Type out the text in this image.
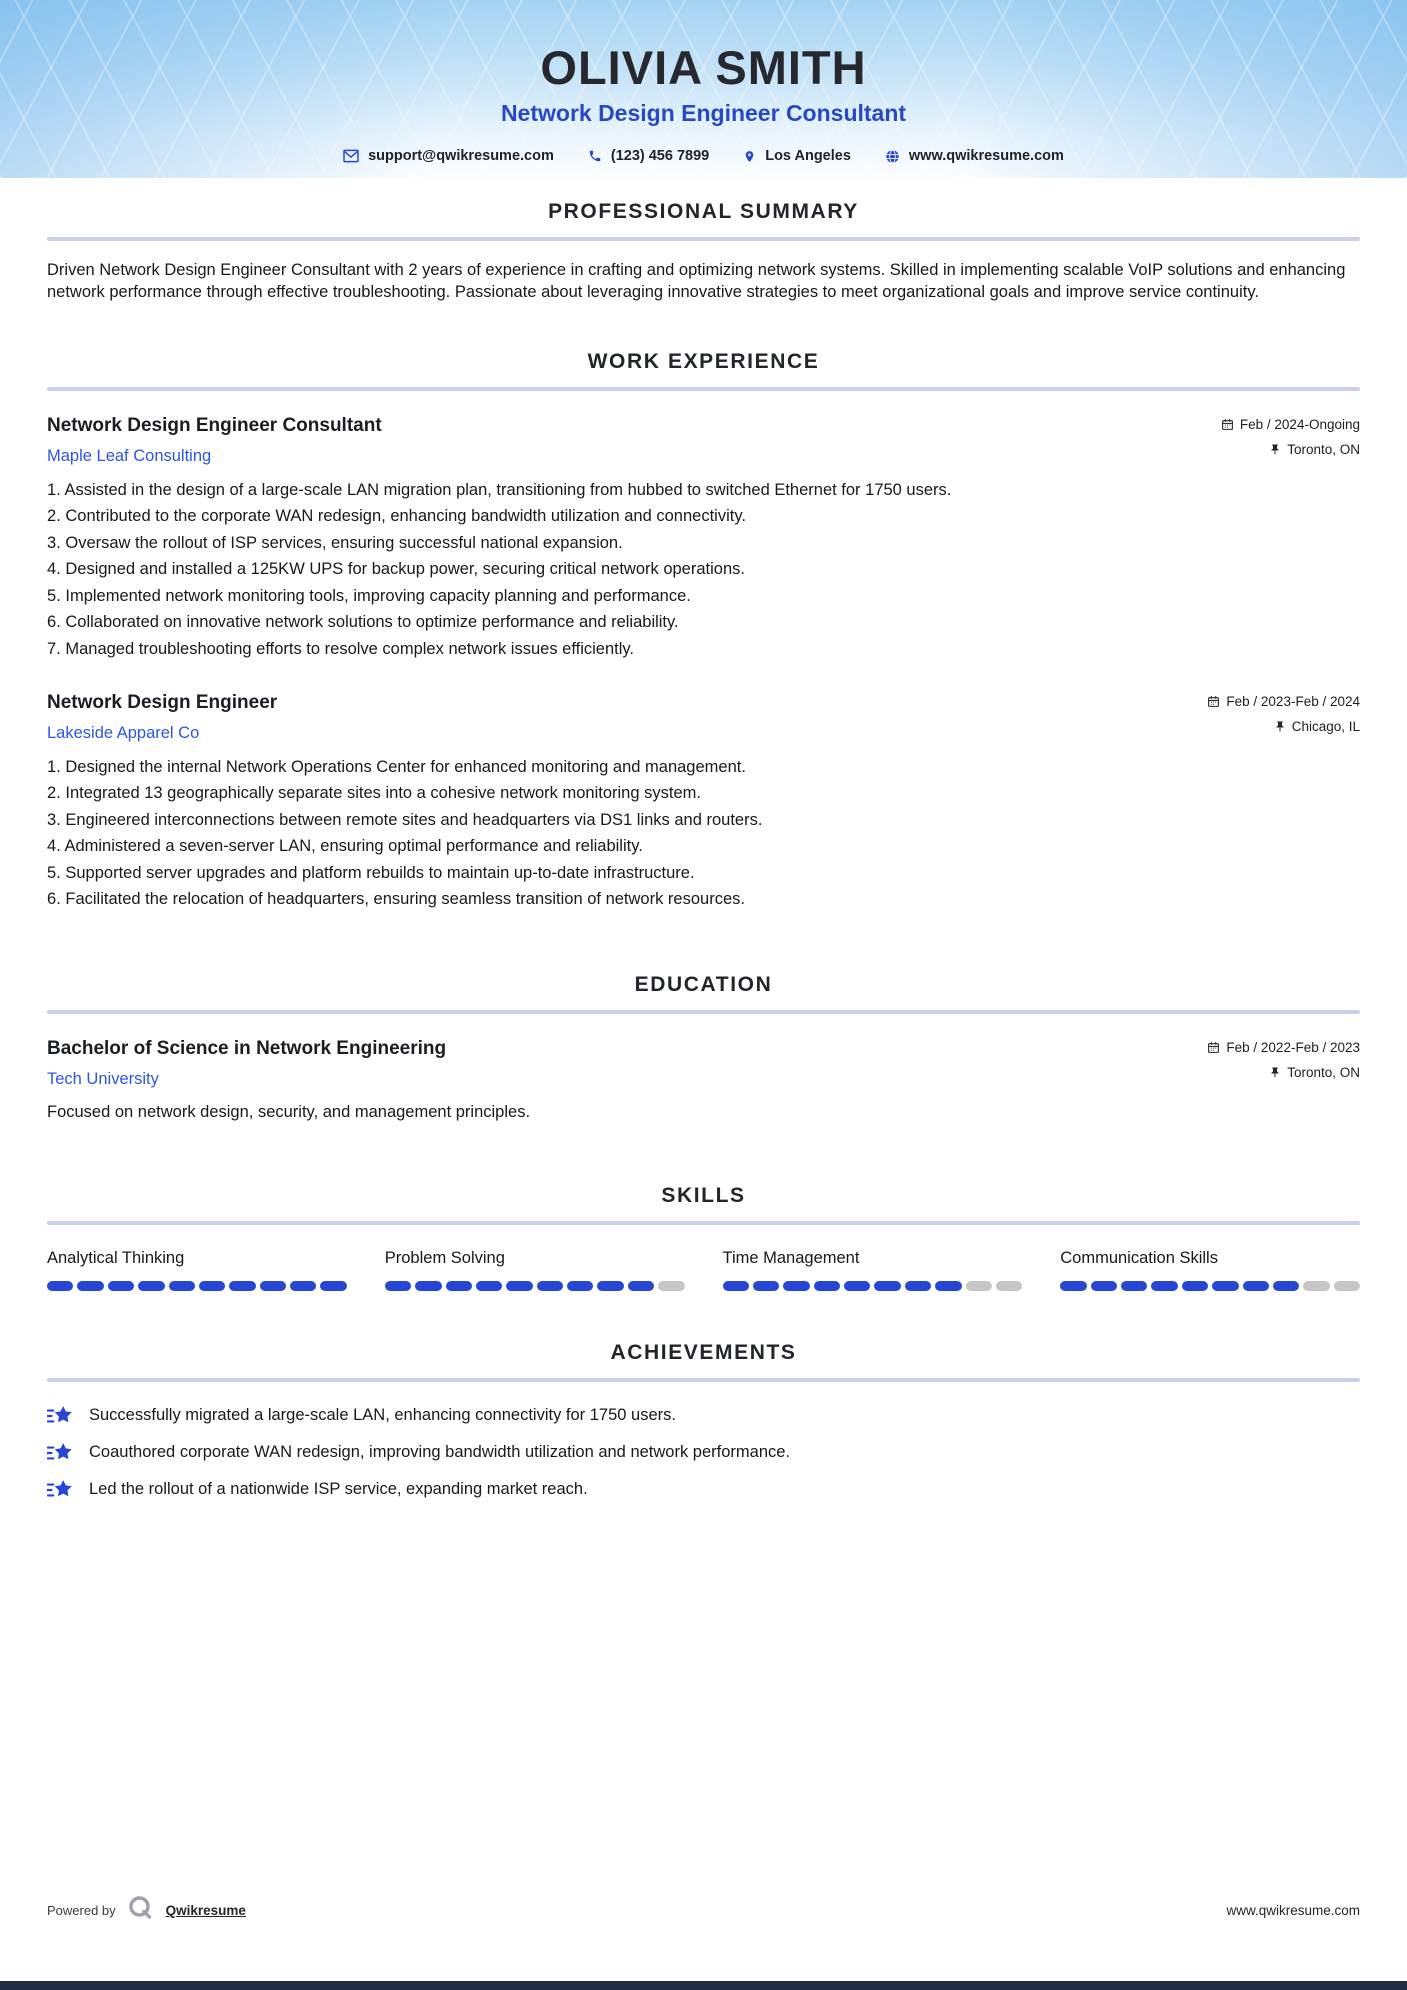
OLIVIA SMITH
Network Design Engineer Consultant
support@qwikresume.com	(123) 456 7899	Los Angeles	www.qwikresume.com
PROFESSIONAL SUMMARY

Driven Network Design Engineer Consultant with 2 years of experience in crafting and optimizing network systems. Skilled in implementing scalable VoIP solutions and enhancing network performance through effective troubleshooting. Passionate about leveraging innovative strategies to meet organizational goals and improve service continuity.

WORK EXPERIENCE
Network Design Engineer Consultant
Maple Leaf Consulting
Feb / 2024-Ongoing
Toronto, ON
Assisted in the design of a large-scale LAN migration plan, transitioning from hubbed to switched Ethernet for 1750 users.
Contributed to the corporate WAN redesign, enhancing bandwidth utilization and connectivity.
Oversaw the rollout of ISP services, ensuring successful national expansion.
Designed and installed a 125KW UPS for backup power, securing critical network operations.
Implemented network monitoring tools, improving capacity planning and performance.
Collaborated on innovative network solutions to optimize performance and reliability.
Managed troubleshooting efforts to resolve complex network issues efficiently.
Network Design Engineer
Lakeside Apparel Co
Feb / 2023-Feb / 2024
Chicago, IL
Designed the internal Network Operations Center for enhanced monitoring and management.
Integrated 13 geographically separate sites into a cohesive network monitoring system.
Engineered interconnections between remote sites and headquarters via DS1 links and routers.
Administered a seven-server LAN, ensuring optimal performance and reliability.
Supported server upgrades and platform rebuilds to maintain up-to-date infrastructure.
Facilitated the relocation of headquarters, ensuring seamless transition of network resources.
EDUCATION
Bachelor of Science in Network Engineering
Tech University
Feb / 2022-Feb / 2023
Toronto, ON

Focused on network design, security, and management principles.

SKILLS
Analytical Thinking	Problem Solving	Time Management	Communication Skills
ACHIEVEMENTS
Successfully migrated a large-scale LAN, enhancing connectivity for 1750 users.
Coauthored corporate WAN redesign, improving bandwidth utilization and network performance.
Led the rollout of a nationwide ISP service, expanding market reach.
Powered by	Qwikresume	www.qwikresume.com
